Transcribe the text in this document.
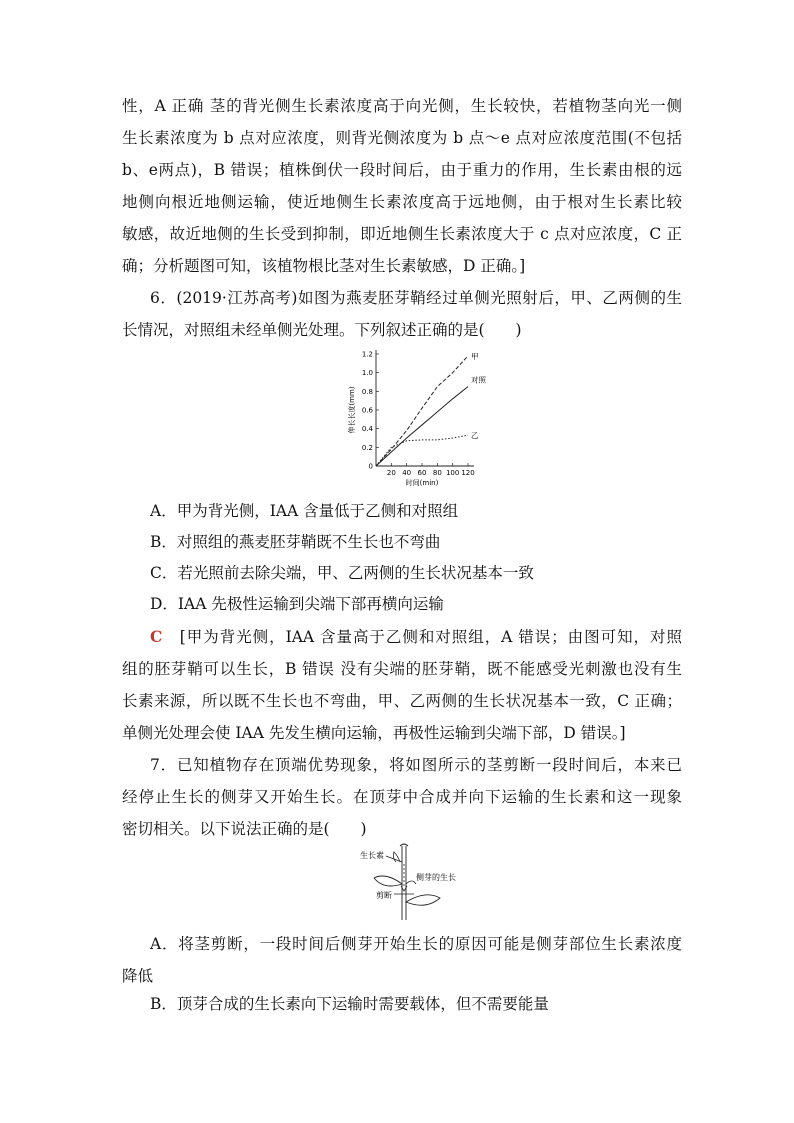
性，A 正确 茎的背光侧生长素浓度高于向光侧，生长较快，若植物茎向光一侧
生长素浓度为 b 点对应浓度，则背光侧浓度为 b 点～e 点对应浓度范围(不包括
b、e两点)，B 错误；植株倒伏一段时间后，由于重力的作用，生长素由根的远
地侧向根近地侧运输，使近地侧生长素浓度高于远地侧，由于根对生长素比较
敏感，故近地侧的生长受到抑制，即近地侧生长素浓度大于 c 点对应浓度，C 正
确；分析题图可知，该植物根比茎对生长素敏感，D 正确。]
6．(2019·江苏高考)如图为燕麦胚芽鞘经过单侧光照射后，甲、乙两侧的生
长情况，对照组未经单侧光处理。下列叙述正确的是(　　)
0
0.2
0.4
0.6
0.8
1.0
1.2
20 40 60 80 100 120
时间(min)
伸长长度(mm)
甲
对照
乙
A．甲为背光侧，IAA 含量低于乙侧和对照组
B．对照组的燕麦胚芽鞘既不生长也不弯曲
C．若光照前去除尖端，甲、乙两侧的生长状况基本一致
D．IAA 先极性运输到尖端下部再横向运输
C　[甲为背光侧，IAA 含量高于乙侧和对照组，A 错误；由图可知，对照
组的胚芽鞘可以生长，B 错误 没有尖端的胚芽鞘，既不能感受光刺激也没有生
长素来源，所以既不生长也不弯曲，甲、乙两侧的生长状况基本一致，C 正确；
单侧光处理会使 IAA 先发生横向运输，再极性运输到尖端下部，D 错误。]
7．已知植物存在顶端优势现象，将如图所示的茎剪断一段时间后，本来已
经停止生长的侧芽又开始生长。在顶芽中合成并向下运输的生长素和这一现象
密切相关。以下说法正确的是(　　)
生长素
剪断
侧芽的生长
A．将茎剪断，一段时间后侧芽开始生长的原因可能是侧芽部位生长素浓度
降低
B．顶芽合成的生长素向下运输时需要载体，但不需要能量
